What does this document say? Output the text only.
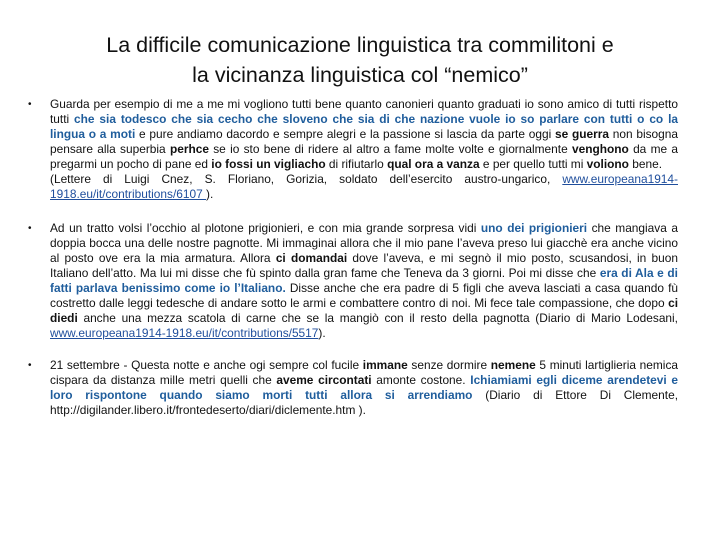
La difficile comunicazione linguistica tra commilitoni e
la vicinanza linguistica col “nemico”
• Guarda per esempio di me a me mi vogliono tutti bene quanto canonieri quanto graduati io sono amico di tutti rispetto tutti che sia todesco che sia cecho che sloveno che sia di che nazione vuole io so parlare con tutti o co la lingua o a moti e pure andiamo dacordo e sempre alegri e la passione si lascia da parte oggi se guerra non bisogna pensare alla superbia perhce se io sto bene di ridere al altro a fame molte volte e giornalmente venghono da me a pregarmi un pocho di pane ed io fossi un vigliacho di rifiutarlo qual ora a vanza e per quello tutti mi voliono bene.
(Lettere di Luigi Cnez, S. Floriano, Gorizia, soldato dell’esercito austro-ungarico, www.europeana1914-1918.eu/it/contributions/6107 ).
• Ad un tratto volsi l’occhio al plotone prigionieri, e con mia grande sorpresa vidi uno dei prigionieri che mangiava a doppia bocca una delle nostre pagnotte. Mi immaginai allora che il mio pane l’aveva preso lui giacchè era anche vicino al posto ove era la mia armatura. Allora ci domandai dove l’aveva, e mi segnò il mio posto, scusandosi, in buon Italiano dell’atto. Ma lui mi disse che fù spinto dalla gran fame che Teneva da 3 giorni. Poi mi disse che era di Ala e di fatti parlava benissimo come io l’Italiano. Disse anche che era padre di 5 figli che aveva lasciati a casa quando fù costretto dalle leggi tedesche di andare sotto le armi e combattere contro di noi. Mi fece tale compassione, che dopo ci diedi anche una mezza scatola di carne che se la mangiò con il resto della pagnotta (Diario di Mario Lodesani, www.europeana1914-1918.eu/it/contributions/5517).
• 21 settembre - Questa notte e anche ogi sempre col fucile immane senze dormire nemene 5 minuti lartiglieria nemica cispara da distanza mille metri quelli che aveme circontati amonte costone. Ichiamiami egli diceme arendetevi e loro rispontone quando siamo morti tutti allora si arrendiamo (Diario di Ettore Di Clemente, http://digilander.libero.it/frontedeserto/diari/diclemente.htm ).
